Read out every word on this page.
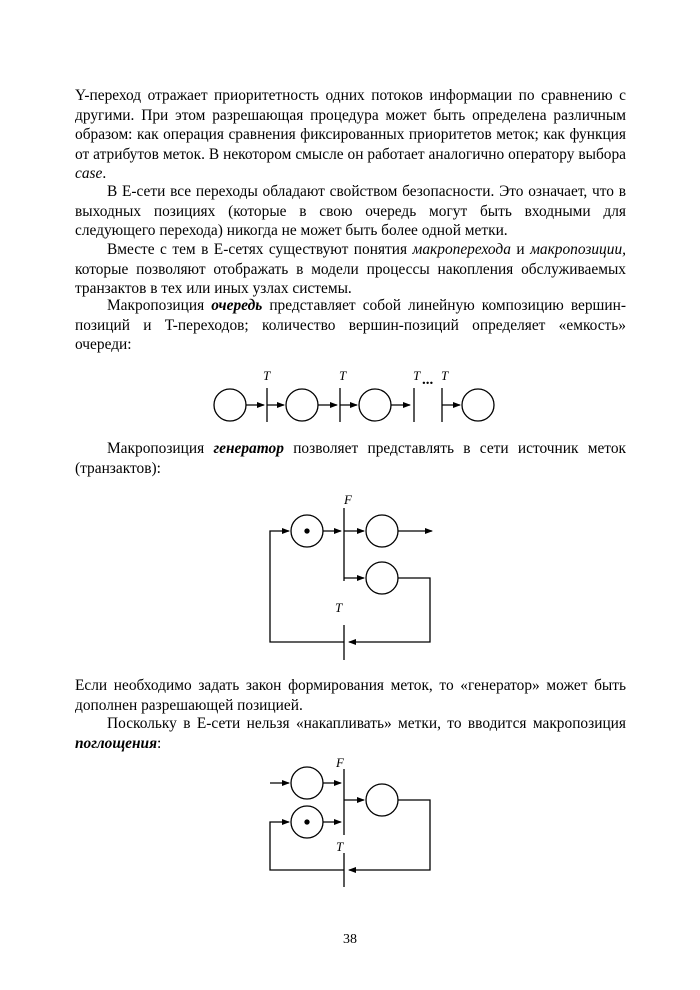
Y-переход отражает приоритетность одних потоков информации по сравнению с другими. При этом разрешающая процедура может быть определена различным образом: как операция сравнения фиксированных приоритетов меток; как функция от атрибутов меток. В некотором смысле он работает аналогично оператору выбора case.

В Е-сети все переходы обладают свойством безопасности. Это означает, что в выходных позициях (которые в свою очередь могут быть входными для следующего перехода) никогда не может быть более одной метки.

Вместе с тем в Е-сетях существуют понятия макроперехода и макропозиции, которые позволяют отображать в модели процессы накопления обслуживаемых транзактов в тех или иных узлах системы.

Макропозиция очередь представляет собой линейную композицию вершин-позиций и T-переходов; количество вершин-позиций определяет «емкость» очереди:

T	T	T ... T

Макропозиция генератор позволяет представлять в сети источник меток (транзактов):

F
T

Если необходимо задать закон формирования меток, то «генератор» может быть дополнен разрешающей позицией.

Поскольку в Е-сети нельзя «накапливать» метки, то вводится макропозиция поглощения:

F
T
38
